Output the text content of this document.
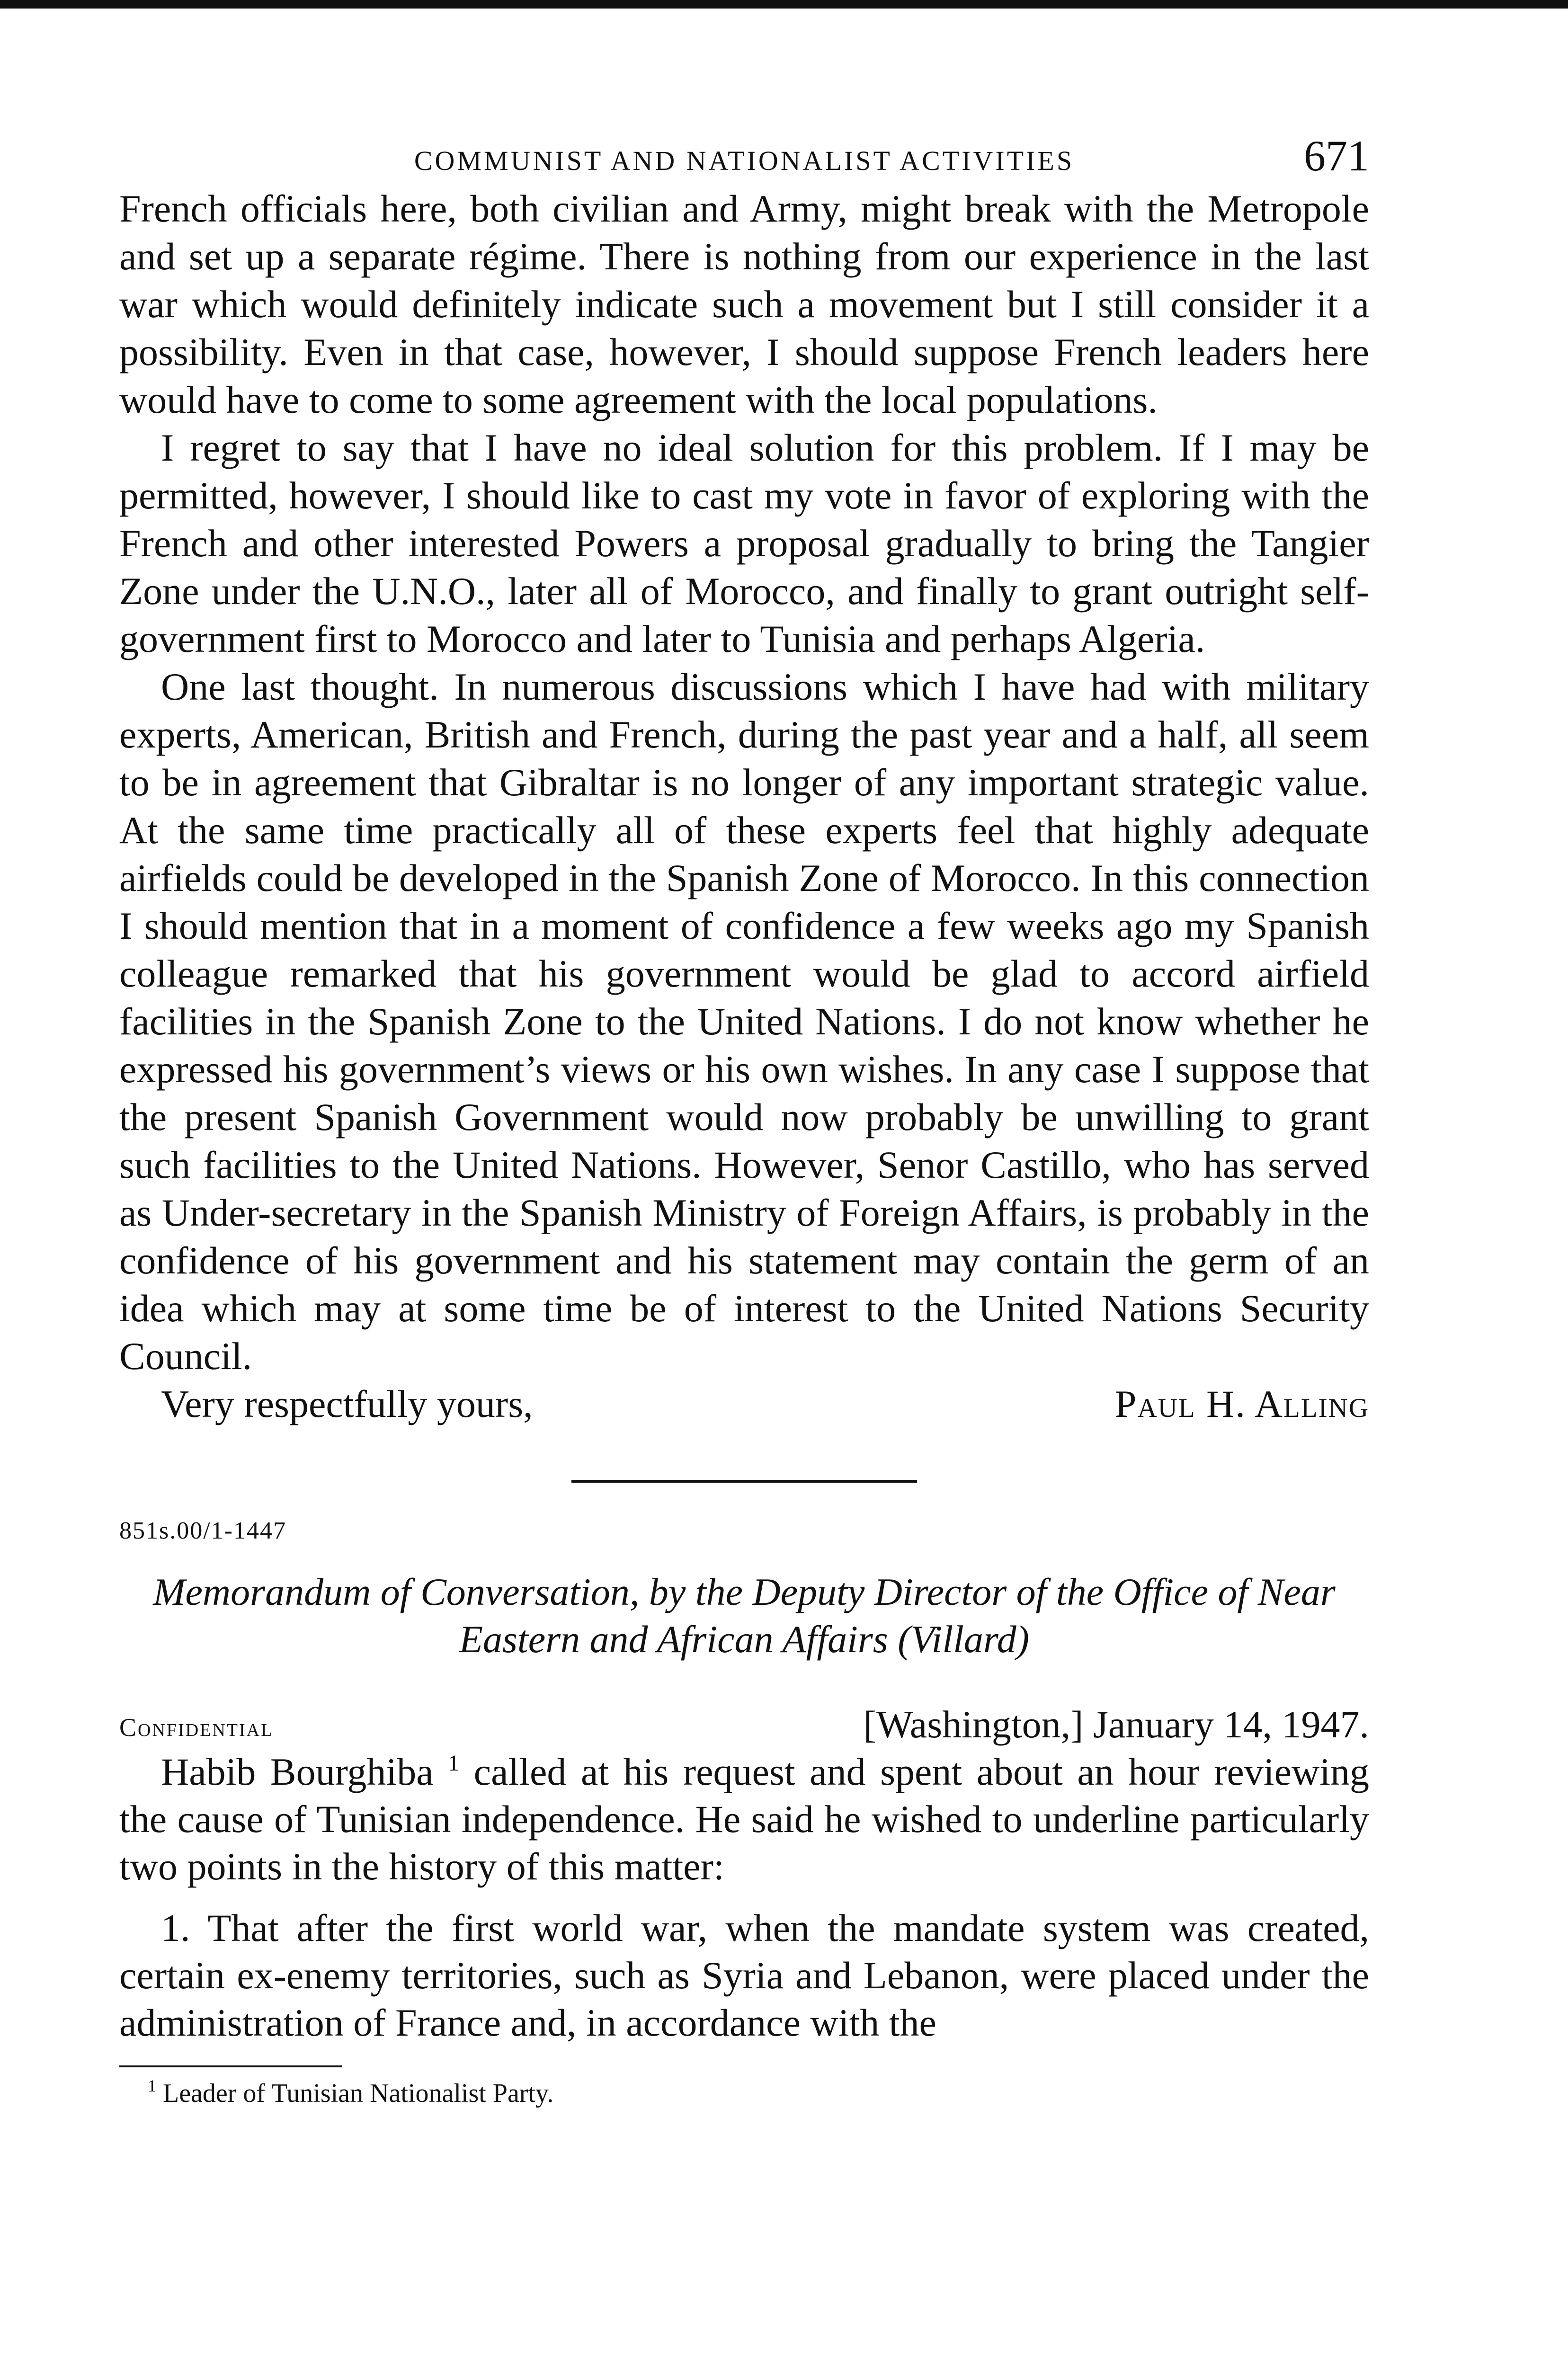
COMMUNIST AND NATIONALIST ACTIVITIES	671

French officials here, both civilian and Army, might break with the Metropole and set up a separate régime. There is nothing from our experience in the last war which would definitely indicate such a movement but I still consider it a possibility. Even in that case, however, I should suppose French leaders here would have to come to some agreement with the local populations.

I regret to say that I have no ideal solution for this problem. If I may be permitted, however, I should like to cast my vote in favor of exploring with the French and other interested Powers a proposal gradually to bring the Tangier Zone under the U.N.O., later all of Morocco, and finally to grant outright self-government first to Morocco and later to Tunisia and perhaps Algeria.

One last thought. In numerous discussions which I have had with military experts, American, British and French, during the past year and a half, all seem to be in agreement that Gibraltar is no longer of any important strategic value. At the same time practically all of these experts feel that highly adequate airfields could be developed in the Spanish Zone of Morocco. In this connection I should mention that in a moment of confidence a few weeks ago my Spanish colleague remarked that his government would be glad to accord airfield facilities in the Spanish Zone to the United Nations. I do not know whether he expressed his government’s views or his own wishes. In any case I suppose that the present Spanish Government would now probably be unwilling to grant such facilities to the United Nations. However, Senor Castillo, who has served as Under-secretary in the Spanish Ministry of Foreign Affairs, is probably in the confidence of his government and his statement may contain the germ of an idea which may at some time be of interest to the United Nations Security Council.

Very respectfully yours,	Paul H. Alling
851s.00/1-1447
Memorandum of Conversation, by the Deputy Director of the Office of Near Eastern and African Affairs (Villard)
Confidential	[Washington,] January 14, 1947.

Habib Bourghiba $^1$ called at his request and spent about an hour reviewing the cause of Tunisian independence. He said he wished to underline particularly two points in the history of this matter:

1. That after the first world war, when the mandate system was created, certain ex-enemy territories, such as Syria and Lebanon, were placed under the administration of France and, in accordance with the

$^1$ Leader of Tunisian Nationalist Party.
